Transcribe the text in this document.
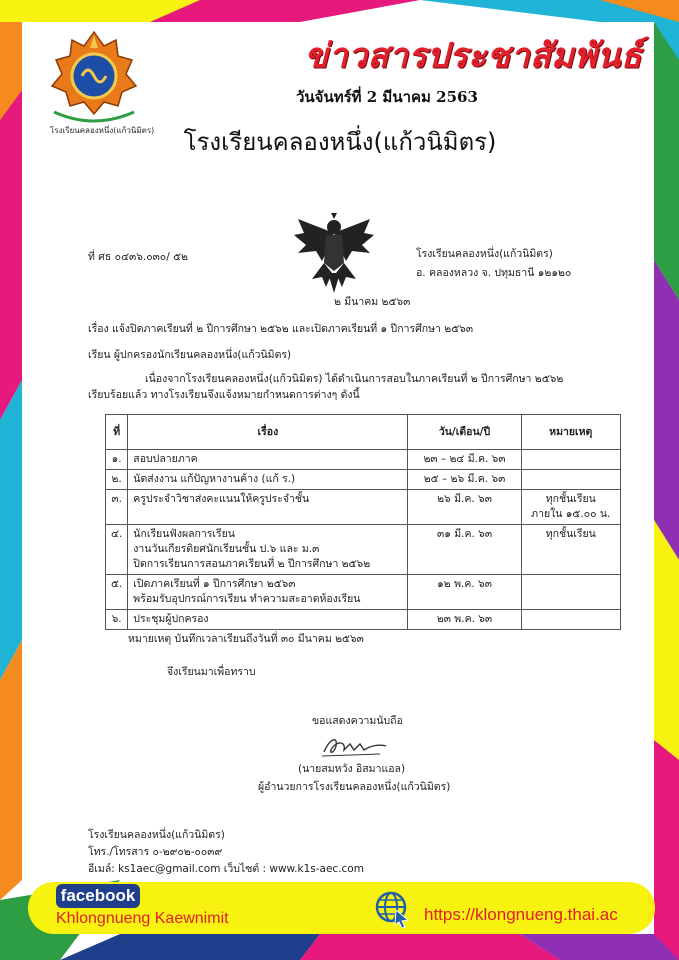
โรงเรียนคลองหนึ่ง(แก้วนิมิตร)
ข่าวสารประชาสัมพันธ์
วันจันทร์ที่ 2 มีนาคม 2563
โรงเรียนคลองหนึ่ง(แก้วนิมิตร)
ที่ ศธ ๐๔๓๖.๐๓๐/ ๕๒	โรงเรียนคลองหนึ่ง(แก้วนิมิตร)
อ. คลองหลวง จ. ปทุมธานี ๑๒๑๒๐
๒ มีนาคม ๒๕๖๓
เรื่อง แจ้งปิดภาคเรียนที่ ๒ ปีการศึกษา ๒๕๖๒ และเปิดภาคเรียนที่ ๑ ปีการศึกษา ๒๕๖๓
เรียน ผู้ปกครองนักเรียนคลองหนึ่ง(แก้วนิมิตร)
เนื่องจากโรงเรียนคลองหนึ่ง(แก้วนิมิตร) ได้ดำเนินการสอบในภาคเรียนที่ ๒ ปีการศึกษา ๒๕๖๒
เรียบร้อยแล้ว ทางโรงเรียนจึงแจ้งหมายกำหนดการต่างๆ ดังนี้
ที่	เรื่อง	วัน/เดือน/ปี	หมายเหตุ
๑.	สอบปลายภาค	๒๓ – ๒๔ มี.ค. ๖๓	
๒.	นัดส่งงาน แก้ปัญหางานค้าง (แก้ ร.)	๒๕ – ๒๖ มี.ค. ๖๓	
๓.	ครูประจำวิชาส่งคะแนนให้ครูประจำชั้น	๒๖ มี.ค. ๖๓	ทุกชั้นเรียน
ภายใน ๑๕.๐๐ น.

๔.	นักเรียนฟังผลการเรียน
งานวันเกียรติยศนักเรียนชั้น ป.๖ และ ม.๓
ปิดการเรียนการสอนภาคเรียนที่ ๒ ปีการศึกษา ๒๕๖๒	๓๑ มี.ค. ๖๓	ทุกชั้นเรียน

๕.	เปิดภาคเรียนที่ ๑ ปีการศึกษา ๒๕๖๓
พร้อมรับอุปกรณ์การเรียน ทำความสะอาดห้องเรียน	๑๒ พ.ค. ๖๓	
๖.	ประชุมผู้ปกครอง	๒๓ พ.ค. ๖๓	
หมายเหตุ บันทึกเวลาเรียนถึงวันที่ ๓๐ มีนาคม ๒๕๖๓
จึงเรียนมาเพื่อทราบ
ขอแสดงความนับถือ
(นายสมหวัง อิสมาแอล)
ผู้อำนวยการโรงเรียนคลองหนึ่ง(แก้วนิมิตร)
โรงเรียนคลองหนึ่ง(แก้วนิมิตร)
โทร./โทรสาร ๐-๒๙๐๒-๐๐๓๙
อีเมล์: ks1aec@gmail.com เว็บไซต์ : www.k1s-aec.com
facebook
Khlongnueng Kaewnimit	https://klongnueng.thai.ac
